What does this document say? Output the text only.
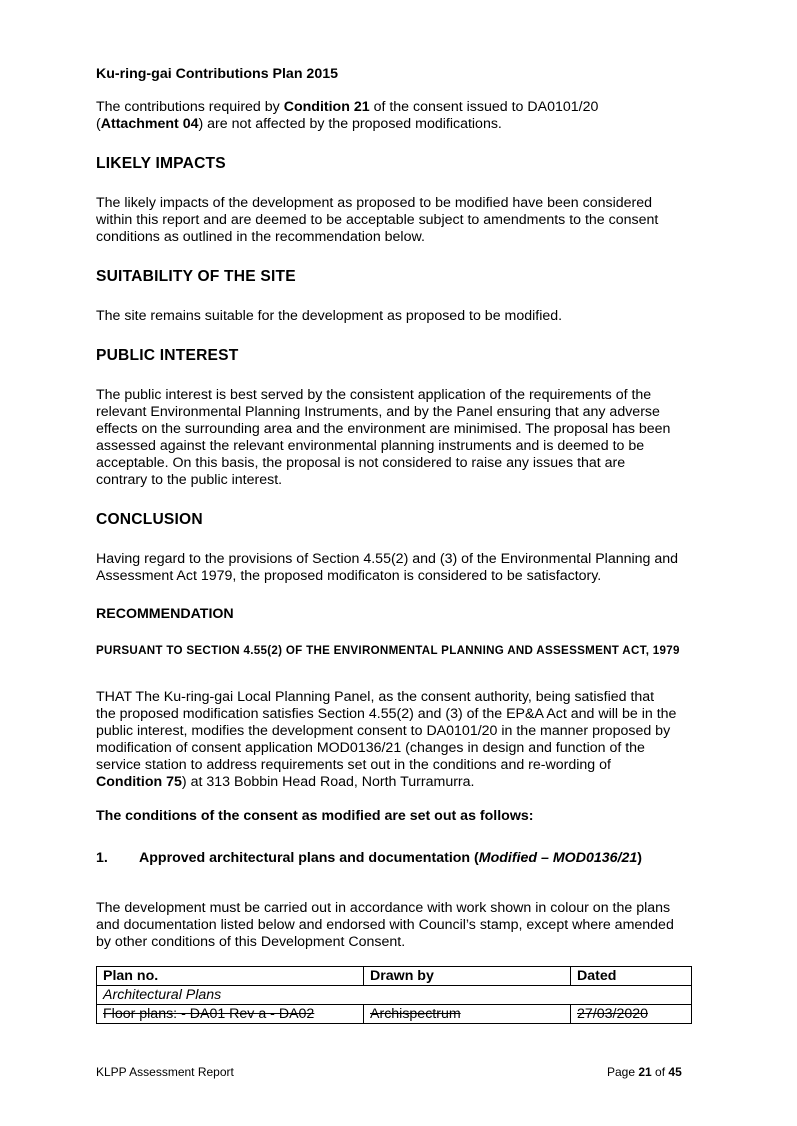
Ku-ring-gai Contributions Plan 2015

The contributions required by Condition 21 of the consent issued to DA0101/20
(Attachment 04) are not affected by the proposed modifications.

LIKELY IMPACTS

The likely impacts of the development as proposed to be modified have been considered
within this report and are deemed to be acceptable subject to amendments to the consent
conditions as outlined in the recommendation below.

SUITABILITY OF THE SITE

The site remains suitable for the development as proposed to be modified.

PUBLIC INTEREST

The public interest is best served by the consistent application of the requirements of the
relevant Environmental Planning Instruments, and by the Panel ensuring that any adverse
effects on the surrounding area and the environment are minimised. The proposal has been
assessed against the relevant environmental planning instruments and is deemed to be
acceptable. On this basis, the proposal is not considered to raise any issues that are
contrary to the public interest.

CONCLUSION

Having regard to the provisions of Section 4.55(2) and (3) of the Environmental Planning and
Assessment Act 1979, the proposed modificaton is considered to be satisfactory.

RECOMMENDATION

PURSUANT TO SECTION 4.55(2) OF THE ENVIRONMENTAL PLANNING AND ASSESSMENT ACT, 1979

THAT The Ku-ring-gai Local Planning Panel, as the consent authority, being satisfied that
the proposed modification satisfies Section 4.55(2) and (3) of the EP&A Act and will be in the
public interest, modifies the development consent to DA0101/20 in the manner proposed by
modification of consent application MOD0136/21 (changes in design and function of the
service station to address requirements set out in the conditions and re-wording of
Condition 75) at 313 Bobbin Head Road, North Turramurra.

The conditions of the consent as modified are set out as follows:

1. Approved architectural plans and documentation (Modified – MOD0136/21)

The development must be carried out in accordance with work shown in colour on the plans
and documentation listed below and endorsed with Council’s stamp, except where amended
by other conditions of this Development Consent.
Plan no.	Drawn by	Dated
Architectural Plans		
Floor plans: - DA01 Rev a - DA02	Archispectrum	27/03/2020
KLPP Assessment Report	Page 21 of 45
